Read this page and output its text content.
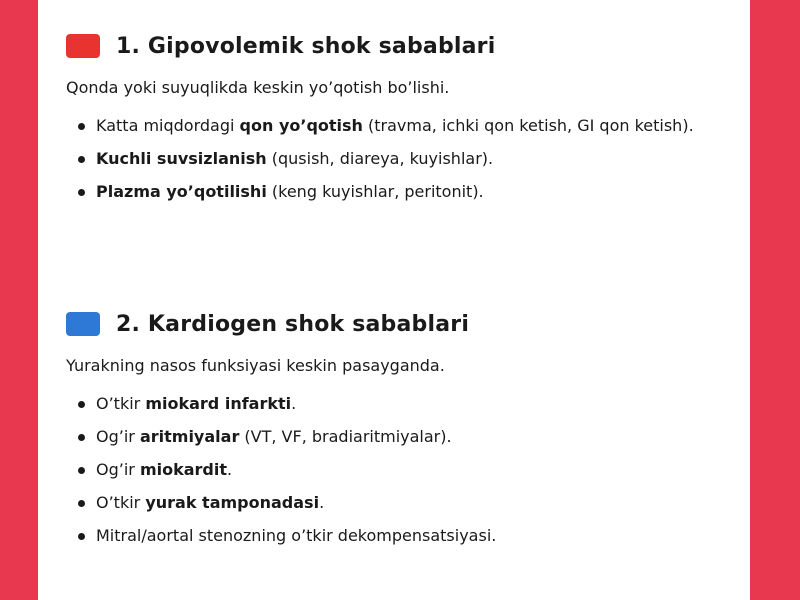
1. Gipovolemik shok sabablari
Qonda yoki suyuqlikda keskin yo’qotish bo’lishi.
Katta miqdordagi qon yo’qotish (travma, ichki qon ketish, GI qon ketish).
Kuchli suvsizlanish (qusish, diareya, kuyishlar).
Plazma yo’qotilishi (keng kuyishlar, peritonit).
2. Kardiogen shok sabablari
Yurakning nasos funksiyasi keskin pasayganda.
O’tkir miokard infarkti.
Og’ir aritmiyalar (VT, VF, bradiaritmiyalar).
Og’ir miokardit.
O’tkir yurak tamponadasi.
Mitral/aortal stenozning o’tkir dekompensatsiyasi.
